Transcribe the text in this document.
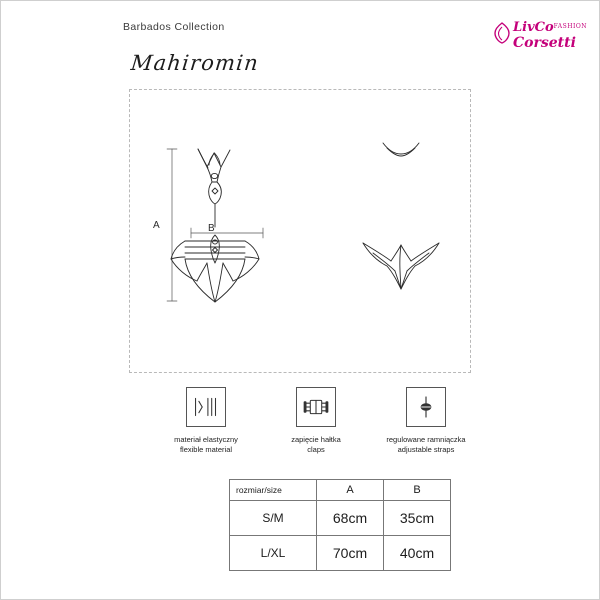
Barbados Collection
Mahiromin
LivCo$^{FASHION}$
Corsetti
A	B
materiał elastyczny
flexible material
zapięcie hałtka
claps
regulowane ramniączka
adjustable straps
rozmiar/size	A	B
S/M	68cm	35cm
L/XL	70cm	40cm
